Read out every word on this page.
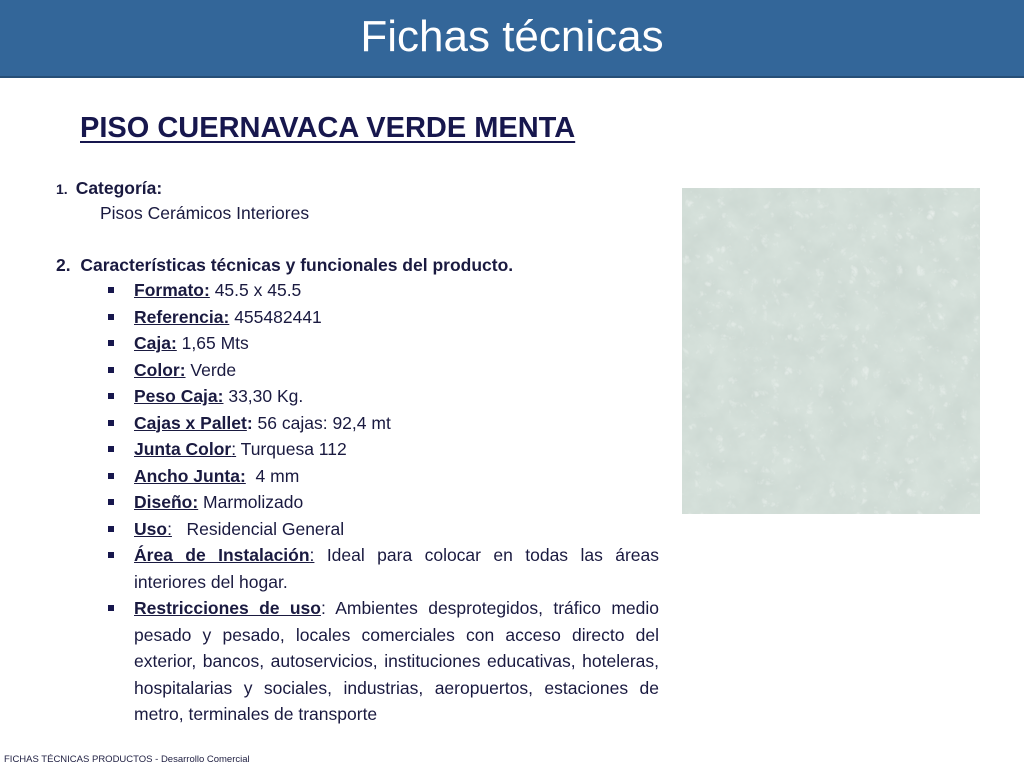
Fichas técnicas
PISO CUERNAVACA VERDE MENTA
1. Categoría:
Pisos Cerámicos Interiores
2. Características técnicas y funcionales del producto.
Formato: 45.5 x 45.5
Referencia: 455482441
Caja: 1,65 Mts
Color: Verde
Peso Caja: 33,30 Kg.
Cajas x Pallet: 56 cajas: 92,4 mt
Junta Color: Turquesa 112
Ancho Junta:  4 mm
Diseño: Marmolizado
Uso:   Residencial General
Área de Instalación: Ideal para colocar en todas las áreas interiores del hogar.
Restricciones de uso: Ambientes desprotegidos, tráfico medio pesado y pesado, locales comerciales con acceso directo del exterior, bancos, autoservicios, instituciones educativas, hoteleras, hospitalarias y sociales, industrias, aeropuertos, estaciones de metro, terminales de transporte
FICHAS TÉCNICAS PRODUCTOS - Desarrollo Comercial
